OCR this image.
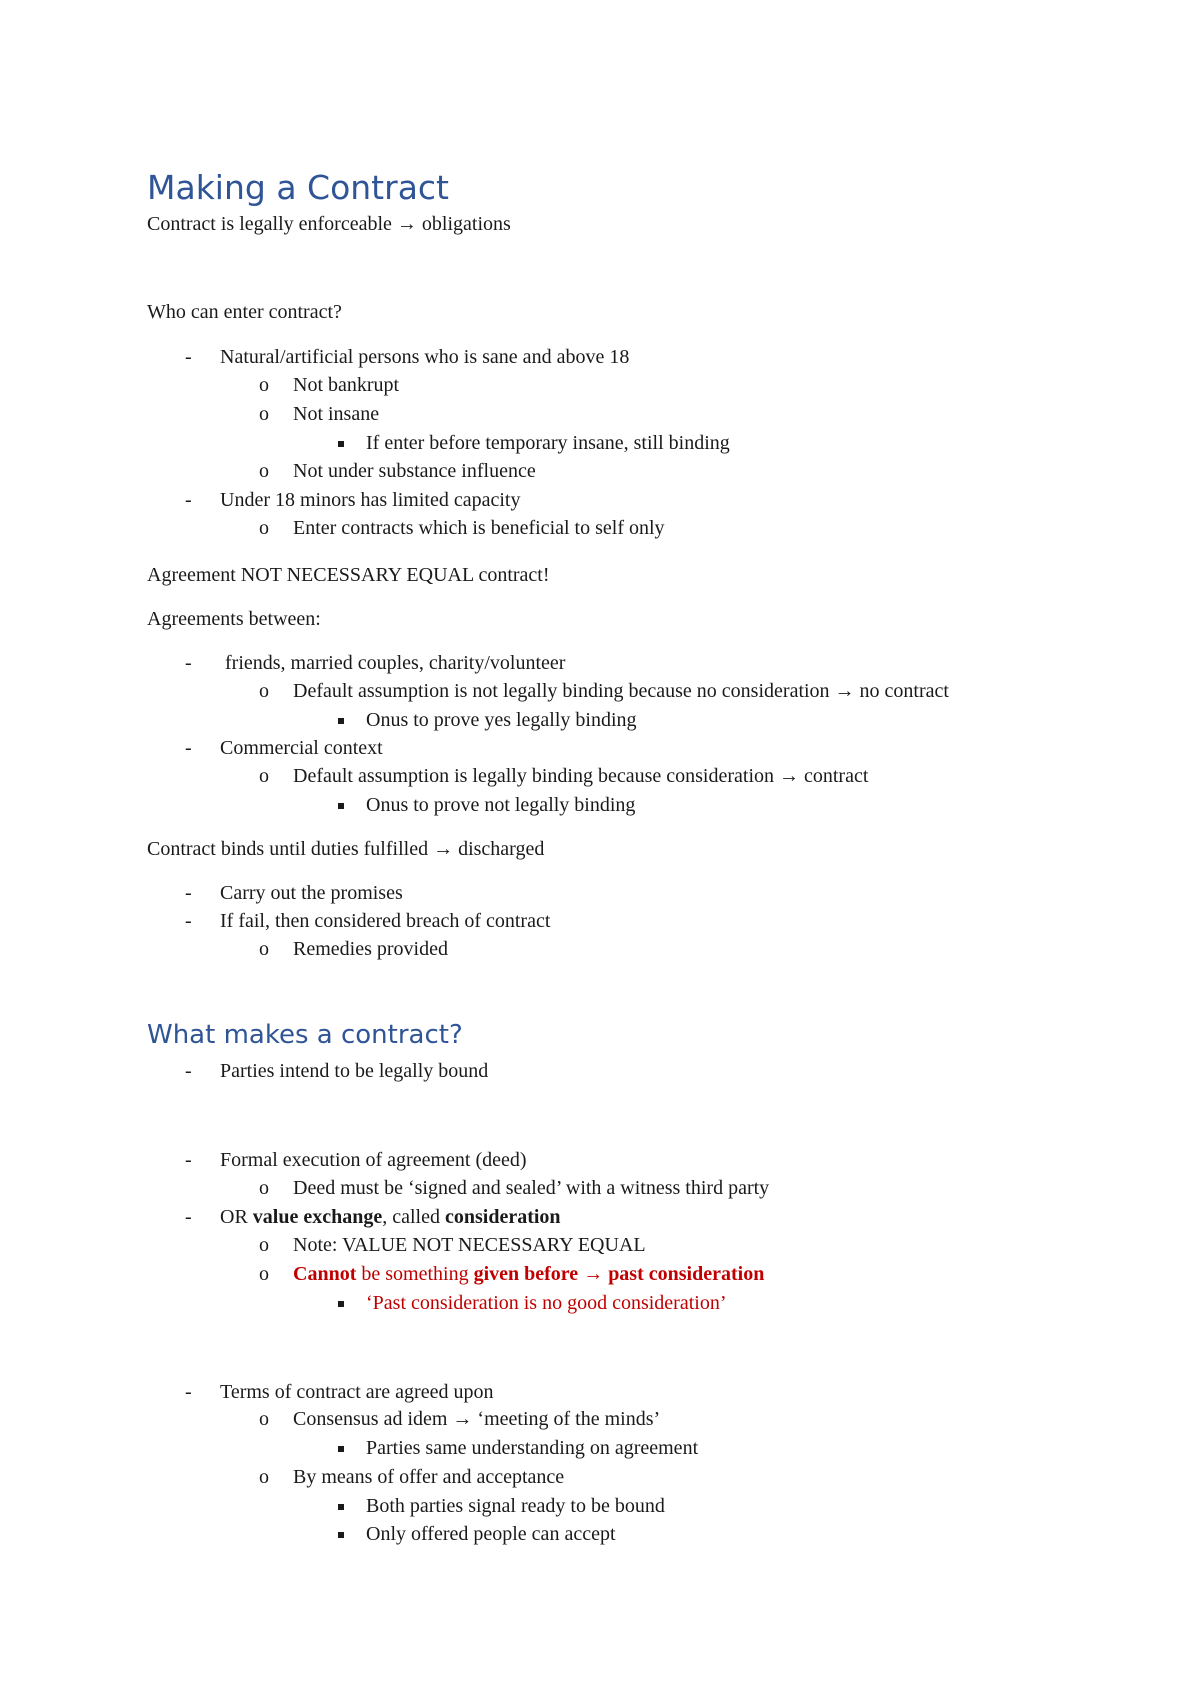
Making a Contract
Contract is legally enforceable → obligations
Who can enter contract?
- Natural/artificial persons who is sane and above 18
o Not bankrupt
o Not insane
If enter before temporary insane, still binding
o Not under substance influence
- Under 18 minors has limited capacity
o Enter contracts which is beneficial to self only
Agreement NOT NECESSARY EQUAL contract!
Agreements between:
- friends, married couples, charity/volunteer
o Default assumption is not legally binding because no consideration → no contract
Onus to prove yes legally binding
- Commercial context
o Default assumption is legally binding because consideration → contract
Onus to prove not legally binding
Contract binds until duties fulfilled → discharged
- Carry out the promises
- If fail, then considered breach of contract
o Remedies provided
What makes a contract?
- Parties intend to be legally bound
- Formal execution of agreement (deed)
o Deed must be ‘signed and sealed’ with a witness third party
- OR value exchange, called consideration
o Note: VALUE NOT NECESSARY EQUAL
o Cannot be something given before → past consideration
‘Past consideration is no good consideration’
- Terms of contract are agreed upon
o Consensus ad idem → ‘meeting of the minds’
Parties same understanding on agreement
o By means of offer and acceptance
Both parties signal ready to be bound
Only offered people can accept
